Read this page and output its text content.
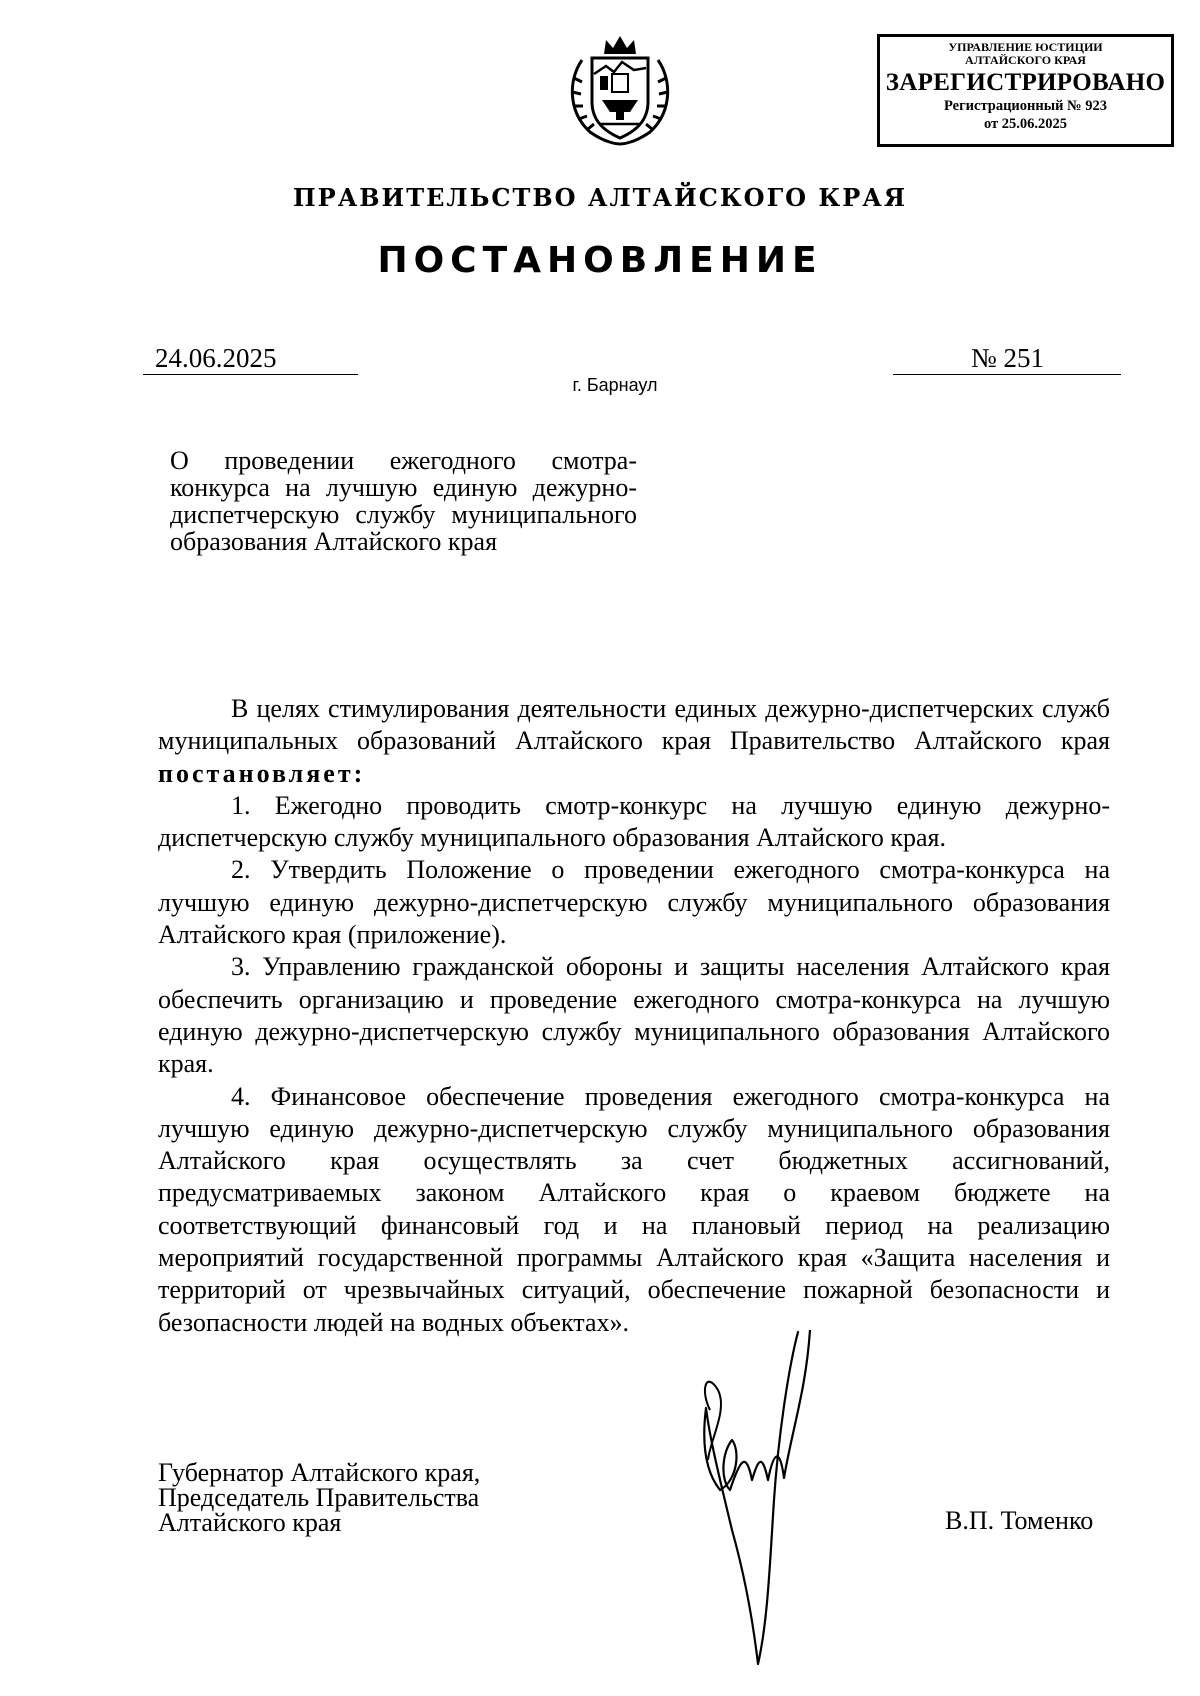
УПРАВЛЕНИЕ ЮСТИЦИИ
АЛТАЙСКОГО КРАЯ
ЗАРЕГИСТРИРОВАНО
Регистрационный № 923
от 25.06.2025
ПРАВИТЕЛЬСТВО АЛТАЙСКОГО КРАЯ
ПОСТАНОВЛЕНИЕ
24.06.2025	№ 251
г. Барнаул
О проведении ежегодного смотра-конкурса на лучшую единую дежурно-диспетчерскую службу муниципального образования Алтайского края

В целях стимулирования деятельности единых дежурно-диспетчерских служб муниципальных образований Алтайского края Правительство Алтайского края постановляет:

1. Ежегодно проводить смотр-конкурс на лучшую единую дежурно-диспетчерскую службу муниципального образования Алтайского края.

2. Утвердить Положение о проведении ежегодного смотра-конкурса на лучшую единую дежурно-диспетчерскую службу муниципального образования Алтайского края (приложение).

3. Управлению гражданской обороны и защиты населения Алтайского края обеспечить организацию и проведение ежегодного смотра-конкурса на лучшую единую дежурно-диспетчерскую службу муниципального образования Алтайского края.

4. Финансовое обеспечение проведения ежегодного смотра-конкурса на лучшую единую дежурно-диспетчерскую службу муниципального образования Алтайского края осуществлять за счет бюджетных ассигнований, предусматриваемых законом Алтайского края о краевом бюджете на соответствующий финансовый год и на плановый период на реализацию мероприятий государственной программы Алтайского края «Защита населения и территорий от чрезвычайных ситуаций, обеспечение пожарной безопасности и безопасности людей на водных объектах».

Губернатор Алтайского края,
Председатель Правительства
Алтайского края	В.П. Томенко
